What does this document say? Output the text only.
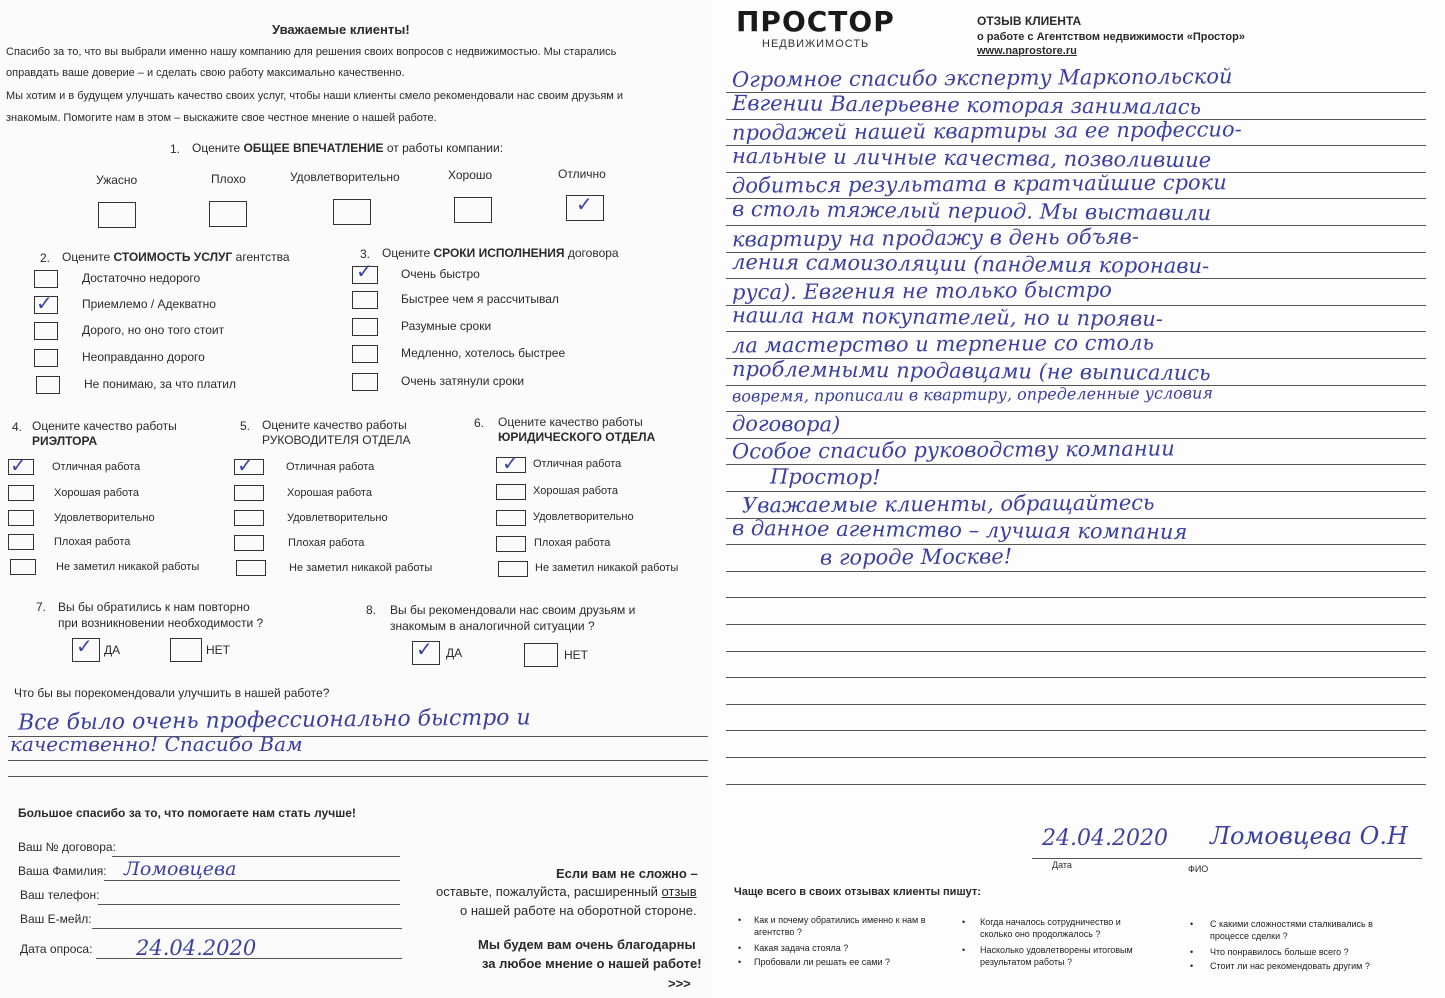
Уважаемые клиенты!
Спасибо за то, что вы выбрали именно нашу компанию для решения своих вопросов с недвижимостью. Мы старались
оправдать ваше доверие – и сделать свою работу максимально качественно.
Мы хотим и в будущем улучшать качество своих услуг, чтобы наши клиенты смело рекомендовали нас своим друзьям и
знакомым. Помогите нам в этом – выскажите свое честное мнение о нашей работе.
1. Оцените ОБЩЕЕ ВПЕЧАТЛЕНИЕ от работы компании:
Ужасно	Плохо	Удовлетворительно	Хорошо	Отлично
✓
2. Оцените СТОИМОСТЬ УСЛУГ агентства
✓
Достаточно недорого
Приемлемо / Адекватно
Дорого, но оно того стоит
Неоправданно дорого
Не понимаю, за что платил
3. Оцените СРОКИ ИСПОЛНЕНИЯ договора
✓ Очень быстро
Быстрее чем я рассчитывал
Разумные сроки
Медленно, хотелось быстрее
Очень затянули сроки
4. Оцените качество работы
РИЭЛТОРА
5. Оцените качество работы
РУКОВОДИТЕЛЯ ОТДЕЛА
6. Оцените качество работы
ЮРИДИЧЕСКОГО ОТДЕЛА
✓ Отличная работа
Хорошая работа
Удовлетворительно
Плохая работа
Не заметил никакой работы
✓	Отличная работа
Хорошая работа
Удовлетворительно
Плохая работа
Не заметил никакой работы
✓ Отличная работа
Хорошая работа
Удовлетворительно
Плохая работа
Не заметил никакой работы
7. Вы бы обратились к нам повторно
при возникновении необходимости ?
✓ ДА	НЕТ
8. Вы бы рекомендовали нас своим друзьям и
знакомым в аналогичной ситуации ?
✓ ДА	НЕТ
Что бы вы порекомендовали улучшить в нашей работе?
Все было очень профессионально быстро и
качественно! Спасибо Вам
Большое спасибо за то, что помогаете нам стать лучше!
Ваш № договора:
Ваша Фамилия: Ломовцева
Ваш телефон:
Ваш Е-мейл:
Дата опроса: 24.04.2020
Если вам не сложно –
оставьте, пожалуйста, расширенный отзыв
о нашей работе на оборотной стороне.
Мы будем вам очень благодарны
за любое мнение о нашей работе!
>>>
ПРОСТОР
НЕДВИЖИМОСТЬ
ОТЗЫВ КЛИЕНТА
о работе с Агентством недвижимости «Простор»
www.naprostore.ru
Огромное спасибо эксперту Маркопольской
Евгении Валерьевне которая занималась
продажей нашей квартиры за ее профессио-
нальные и личные качества, позволившие
добиться результата в кратчайшие сроки
в столь тяжелый период. Мы выставили
квартиру на продажу в день объяв-
ления самоизоляции (пандемия коронави-
руса). Евгения не только быстро
нашла нам покупателей, но и прояви-
ла мастерство и терпение со столь
проблемными продавцами (не выписались
вовремя, прописали в квартиру, определенные условия
договора)
Особое спасибо руководству компании
Простор!
Уважаемые клиенты, обращайтесь
в данное агентство – лучшая компания
в городе Москве!
24.04.2020 Ломовцева О.Н
Дата	ФИО
Чаще всего в своих отзывах клиенты пишут:
• Как и почему обратились именно к нам в агентство ?
• Какая задача стояла ?
• Пробовали ли решать ее сами ?
• Когда началось сотрудничество и сколько оно продолжалось ?
• Насколько удовлетворены итоговым результатом работы ?
• С какими сложностями сталкивались в процессе сделки ?
• Что понравилось больше всего ?
• Стоит ли нас рекомендовать другим ?
